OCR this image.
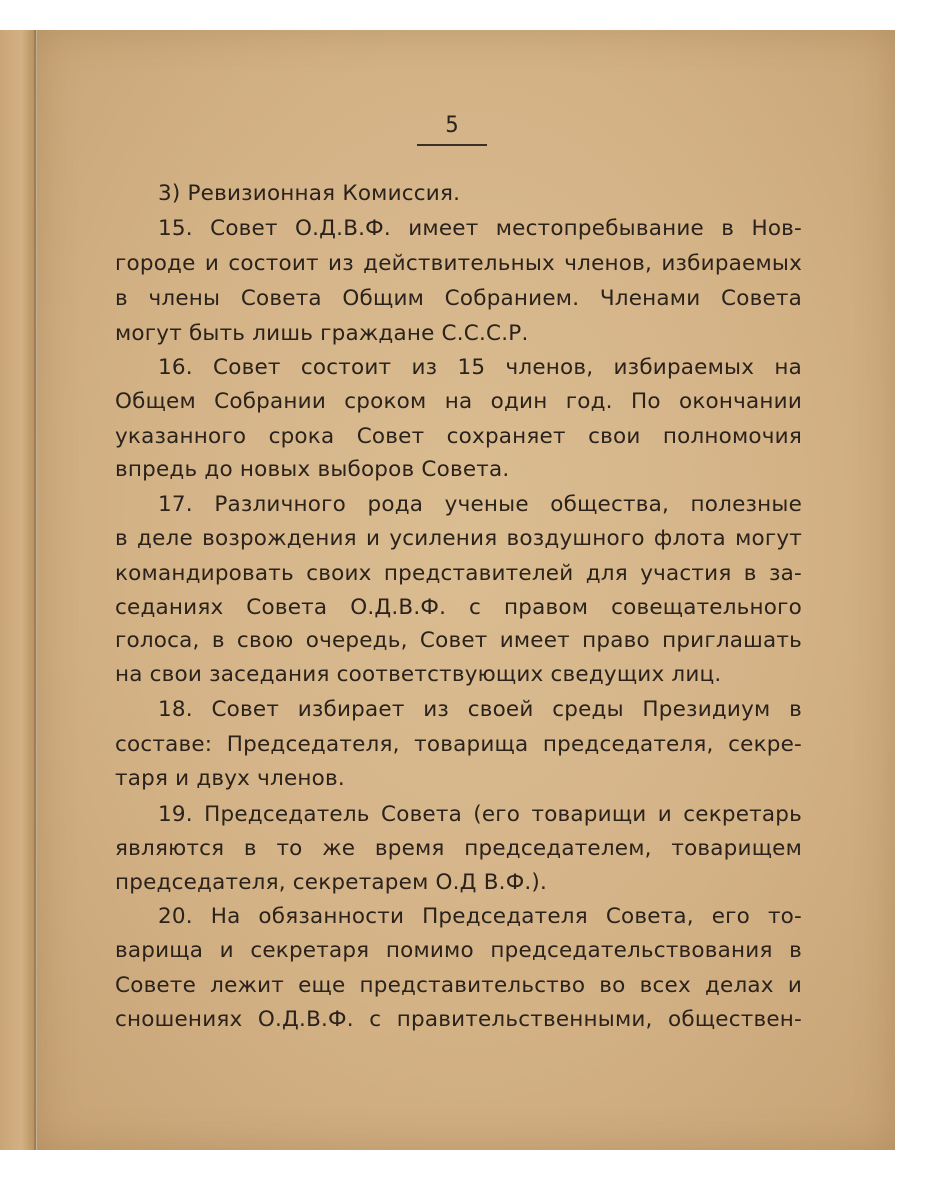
5
3) Ревизионная Комиссия.
15. Совет О.Д.В.Ф. имеет местопребывание в Нов-
городе и состоит из действительных членов, избираемых
в члены Совета Общим Собранием. Членами Совета
могут быть лишь граждане С.С.С.Р.
16. Совет состоит из 15 членов, избираемых на
Общем Собрании сроком на один год. По окончании
указанного срока Совет сохраняет свои полномочия
впредь до новых выборов Совета.
17. Различного рода ученые общества, полезные
в деле возрождения и усиления воздушного флота могут
командировать своих представителей для участия в за-
седаниях Совета О.Д.В.Ф. с правом совещательного
голоса, в свою очередь, Совет имеет право приглашать
на свои заседания соответствующих сведущих лиц.
18. Совет избирает из своей среды Президиум в
составе: Председателя, товарища председателя, секре-
таря и двух членов.
19. Председатель Совета (его товарищи и секретарь
являются в то же время председателем, товарищем
председателя, секретарем О.Д В.Ф.).
20. На обязанности Председателя Совета, его то-
варища и секретаря помимо председательствования в
Совете лежит еще представительство во всех делах и
сношениях О.Д.В.Ф. с правительственными, обществен-
